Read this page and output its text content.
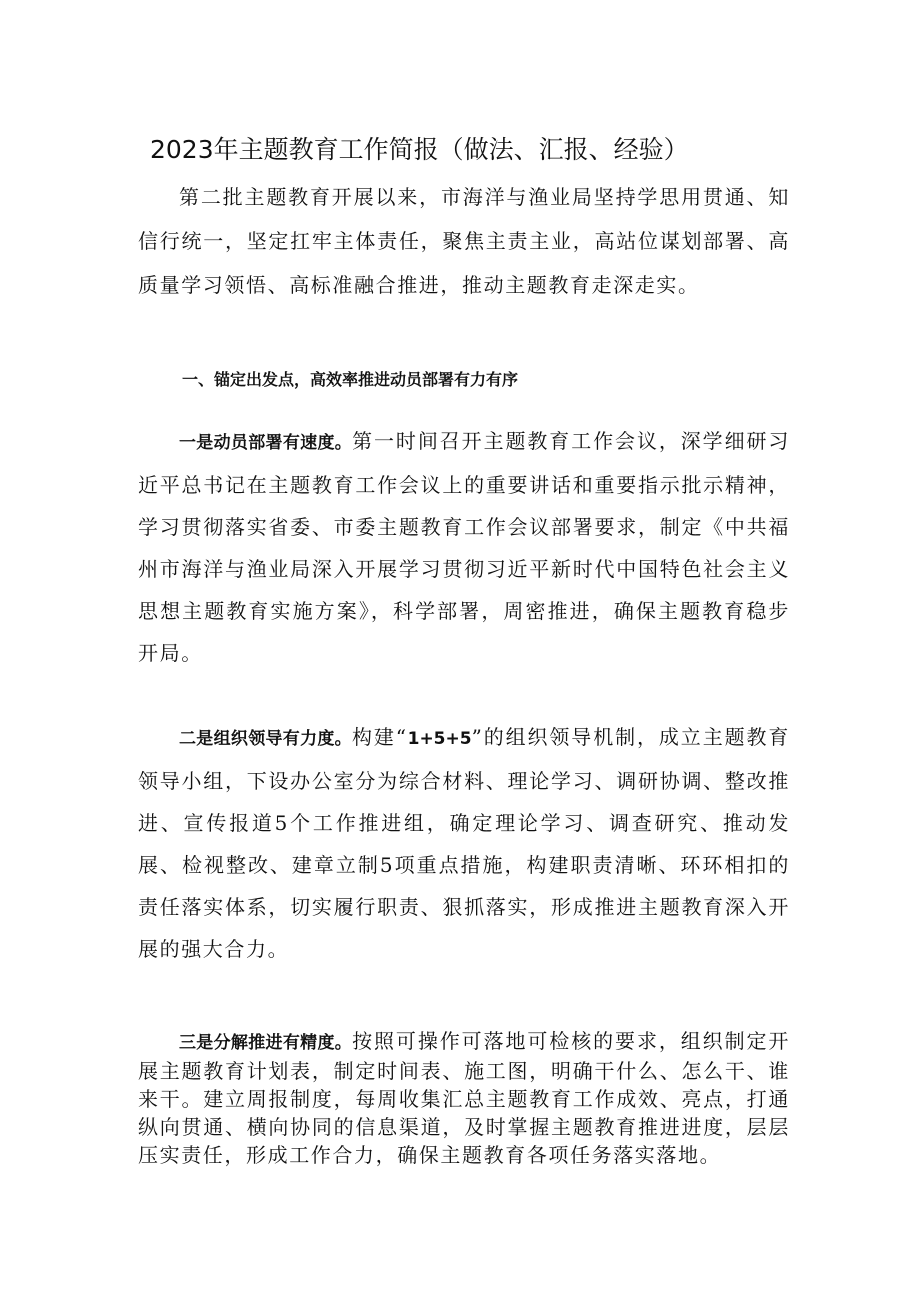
2023年主题教育工作简报（做法、汇报、经验）

第二批主题教育开展以来，市海洋与渔业局坚持学思用贯通、知信行统一，坚定扛牢主体责任，聚焦主责主业，高站位谋划部署、高质量学习领悟、高标准融合推进，推动主题教育走深走实。

一、锚定出发点，高效率推进动员部署有力有序

一是动员部署有速度。第一时间召开主题教育工作会议，深学细研习近平总书记在主题教育工作会议上的重要讲话和重要指示批示精神，学习贯彻落实省委、市委主题教育工作会议部署要求，制定《中共福州市海洋与渔业局深入开展学习贯彻习近平新时代中国特色社会主义思想主题教育实施方案》，科学部署，周密推进，确保主题教育稳步开局。

二是组织领导有力度。构建“1+5+5”的组织领导机制，成立主题教育领导小组，下设办公室分为综合材料、理论学习、调研协调、整改推进、宣传报道5个工作推进组，确定理论学习、调查研究、推动发展、检视整改、建章立制5项重点措施，构建职责清晰、环环相扣的责任落实体系，切实履行职责、狠抓落实，形成推进主题教育深入开展的强大合力。

三是分解推进有精度。按照可操作可落地可检核的要求，组织制定开展主题教育计划表，制定时间表、施工图，明确干什么、怎么干、谁来干。建立周报制度，每周收集汇总主题教育工作成效、亮点，打通纵向贯通、横向协同的信息渠道，及时掌握主题教育推进进度，层层压实责任，形成工作合力，确保主题教育各项任务落实落地。
